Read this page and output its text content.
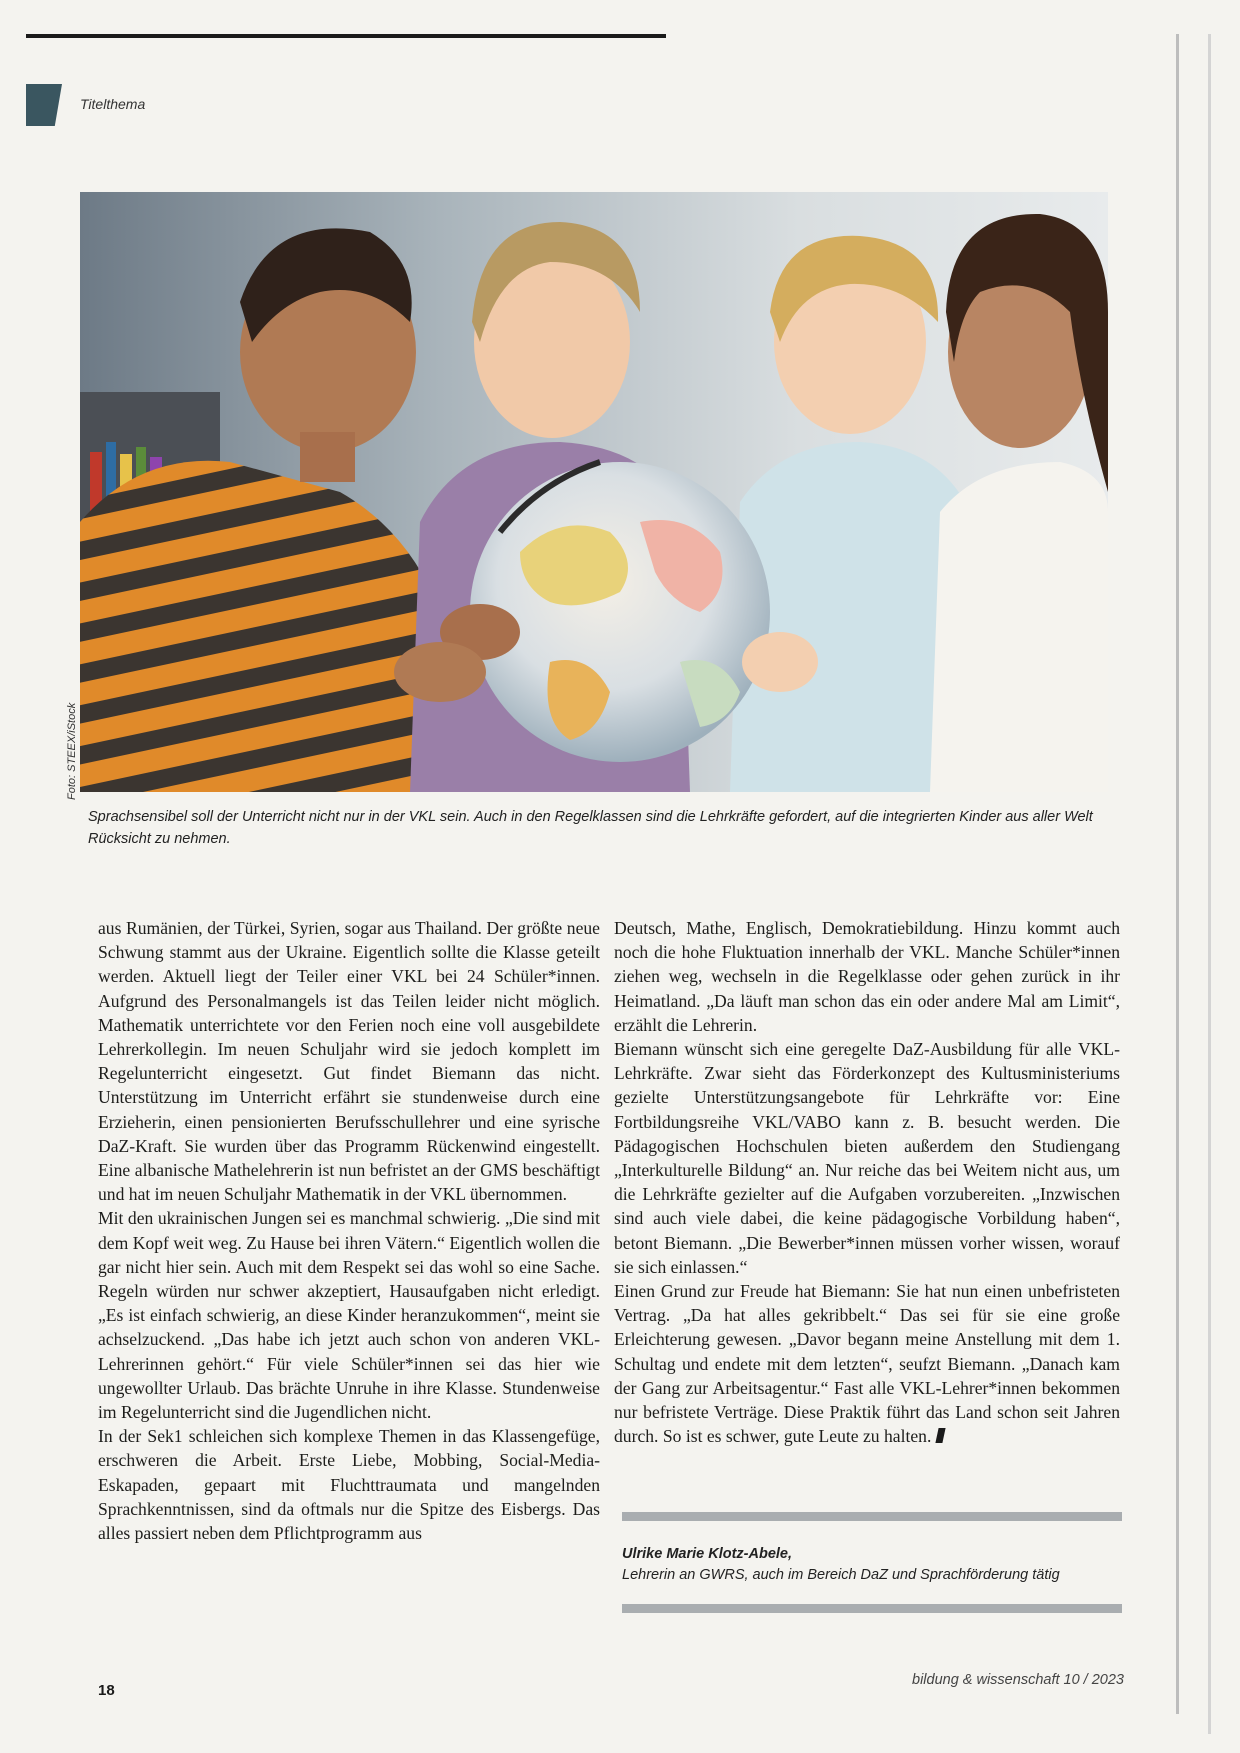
Titelthema
Foto: STEEX/iStock
Sprachsensibel soll der Unterricht nicht nur in der VKL sein. Auch in den Regelklassen sind die Lehrkräfte gefordert, auf die integrierten Kinder aus aller Welt Rücksicht zu nehmen.

aus Rumänien, der Türkei, Syrien, sogar aus Thailand. Der größte neue Schwung stammt aus der Ukraine. Eigentlich sollte die Klasse geteilt werden. Aktuell liegt der Teiler einer VKL bei 24 Schüler*innen. Aufgrund des Personalmangels ist das Teilen leider nicht möglich. Mathematik unterrichtete vor den Ferien noch eine voll ausgebildete Lehrerkollegin. Im neuen Schuljahr wird sie jedoch komplett im Regelunterricht eingesetzt. Gut findet Biemann das nicht. Unterstützung im Unterricht erfährt sie stundenweise durch eine Erzieherin, einen pensionierten Berufsschullehrer und eine syrische DaZ-Kraft. Sie wurden über das Programm Rückenwind eingestellt. Eine albanische Mathelehrerin ist nun befristet an der GMS beschäftigt und hat im neuen Schuljahr Mathematik in der VKL übernommen.

Mit den ukrainischen Jungen sei es manchmal schwierig. „Die sind mit dem Kopf weit weg. Zu Hause bei ihren Vätern.“ Eigentlich wollen die gar nicht hier sein. Auch mit dem Respekt sei das wohl so eine Sache. Regeln würden nur schwer akzeptiert, Hausaufgaben nicht erledigt. „Es ist einfach schwierig, an diese Kinder heranzukommen“, meint sie achselzuckend. „Das habe ich jetzt auch schon von anderen VKL-Lehrerinnen gehört.“ Für viele Schüler*innen sei das hier wie ungewollter Urlaub. Das brächte Unruhe in ihre Klasse. Stundenweise im Regelunterricht sind die Jugendlichen nicht.

In der Sek1 schleichen sich komplexe Themen in das Klassengefüge, erschweren die Arbeit. Erste Liebe, Mobbing, Social-Media-Eskapaden, gepaart mit Fluchttraumata und mangelnden Sprachkenntnissen, sind da oftmals nur die Spitze des Eisbergs. Das alles passiert neben dem Pflichtprogramm aus

Deutsch, Mathe, Englisch, Demokratiebildung. Hinzu kommt auch noch die hohe Fluktuation innerhalb der VKL. Manche Schüler*innen ziehen weg, wechseln in die Regelklasse oder gehen zurück in ihr Heimatland. „Da läuft man schon das ein oder andere Mal am Limit“, erzählt die Lehrerin.

Biemann wünscht sich eine geregelte DaZ-Ausbildung für alle VKL-Lehrkräfte. Zwar sieht das Förderkonzept des Kultusministeriums gezielte Unterstützungsangebote für Lehrkräfte vor: Eine Fortbildungsreihe VKL/VABO kann z. B. besucht werden. Die Pädagogischen Hochschulen bieten außerdem den Studiengang „Interkulturelle Bildung“ an. Nur reiche das bei Weitem nicht aus, um die Lehrkräfte gezielter auf die Aufgaben vorzubereiten. „Inzwischen sind auch viele dabei, die keine pädagogische Vorbildung haben“, betont Biemann. „Die Bewerber*innen müssen vorher wissen, worauf sie sich einlassen.“

Einen Grund zur Freude hat Biemann: Sie hat nun einen unbefristeten Vertrag. „Da hat alles gekribbelt.“ Das sei für sie eine große Erleichterung gewesen. „Davor begann meine Anstellung mit dem 1. Schultag und endete mit dem letzten“, seufzt Biemann. „Danach kam der Gang zur Arbeitsagentur.“ Fast alle VKL-Lehrer*innen bekommen nur befristete Verträge. Diese Praktik führt das Land schon seit Jahren durch. So ist es schwer, gute Leute zu halten.

Ulrike Marie Klotz-Abele,
Lehrerin an GWRS, auch im Bereich DaZ und Sprachförderung tätig
18
bildung & wissenschaft 10 / 2023
